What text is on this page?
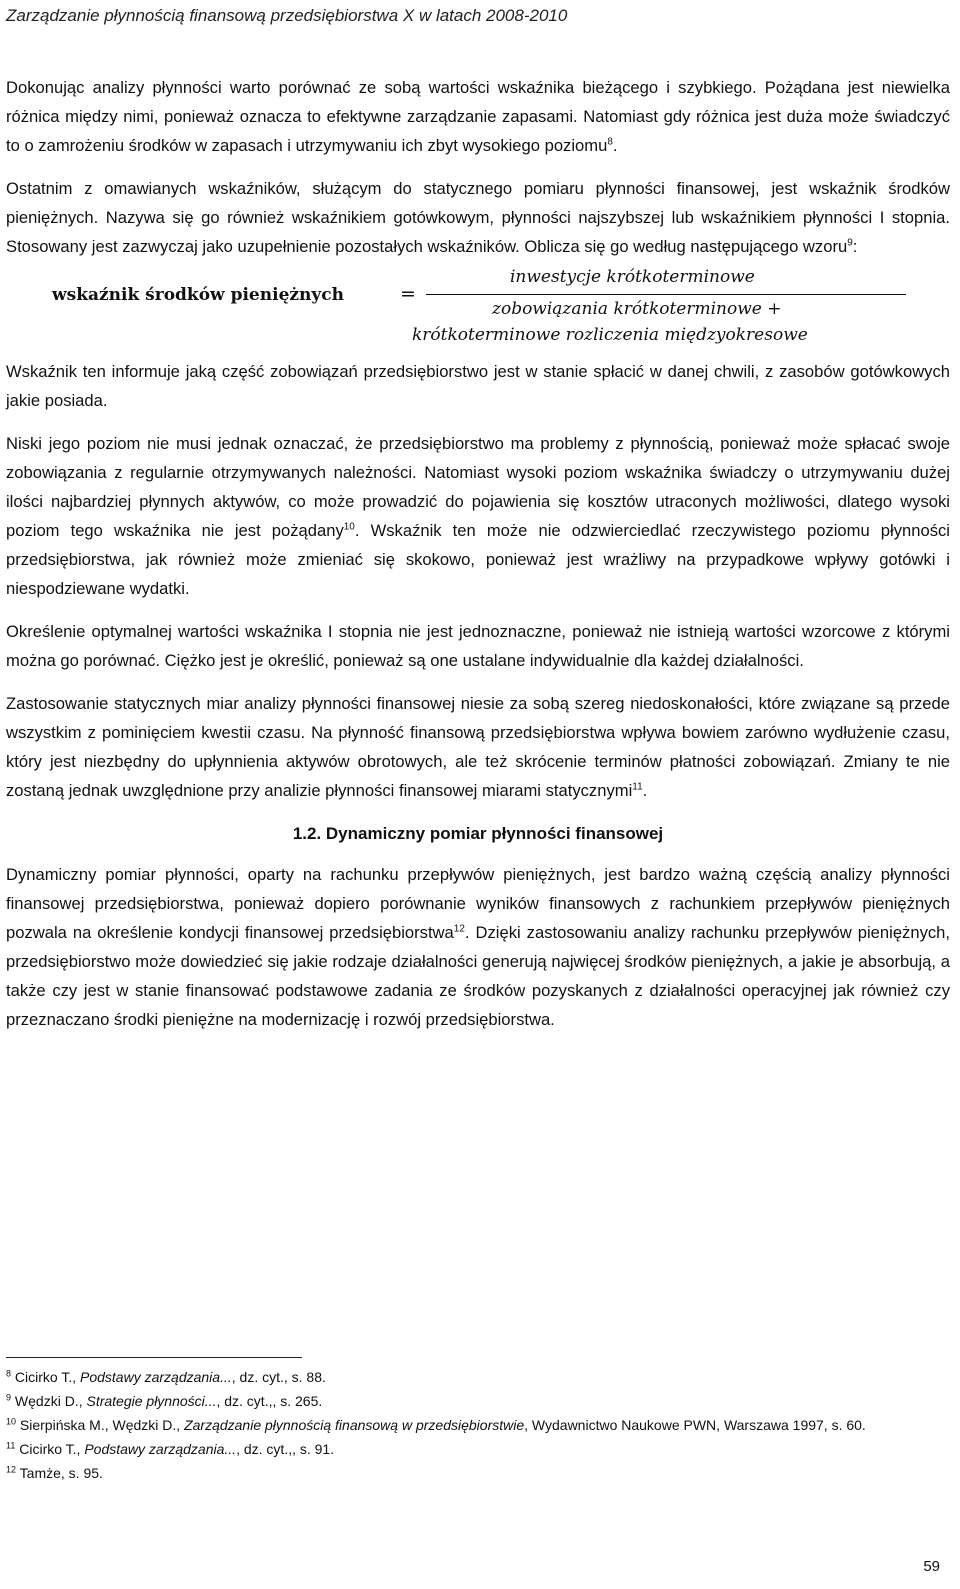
Zarządzanie płynnością finansową przedsiębiorstwa X w latach 2008-2010

Dokonując analizy płynności warto porównać ze sobą wartości wskaźnika bieżącego i szybkiego. Pożądana jest niewielka różnica między nimi, ponieważ oznacza to efektywne zarządzanie zapasami. Natomiast gdy różnica jest duża może świadczyć to o zamrożeniu środków w zapasach i utrzymywaniu ich zbyt wysokiego poziomu$^8$.

Ostatnim z omawianych wskaźników, służącym do statycznego pomiaru płynności finansowej, jest wskaźnik środków pieniężnych. Nazywa się go również wskaźnikiem gotówkowym, płynności najszybszej lub wskaźnikiem płynności I stopnia. Stosowany jest zazwyczaj jako uzupełnienie pozostałych wskaźników. Oblicza się go według następującego wzoru$^9$:

wskaźnik środków pieniężnych	=
inwestycje krótkoterminowe
zobowiązania krótkoterminowe +
krótkoterminowe rozliczenia międzyokresowe

Wskaźnik ten informuje jaką część zobowiązań przedsiębiorstwo jest w stanie spłacić w danej chwili, z zasobów gotówkowych jakie posiada.

Niski jego poziom nie musi jednak oznaczać, że przedsiębiorstwo ma problemy z płynnością, ponieważ może spłacać swoje zobowiązania z regularnie otrzymywanych należności. Natomiast wysoki poziom wskaźnika świadczy o utrzymywaniu dużej ilości najbardziej płynnych aktywów, co może prowadzić do pojawienia się kosztów utraconych możliwości, dlatego wysoki poziom tego wskaźnika nie jest pożądany$^{10}$. Wskaźnik ten może nie odzwierciedlać rzeczywistego poziomu płynności przedsiębiorstwa, jak również może zmieniać się skokowo, ponieważ jest wrażliwy na przypadkowe wpływy gotówki i niespodziewane wydatki.

Określenie optymalnej wartości wskaźnika I stopnia nie jest jednoznaczne, ponieważ nie istnieją wartości wzorcowe z którymi można go porównać. Ciężko jest je określić, ponieważ są one ustalane indywidualnie dla każdej działalności.

Zastosowanie statycznych miar analizy płynności finansowej niesie za sobą szereg niedoskonałości, które związane są przede wszystkim z pominięciem kwestii czasu. Na płynność finansową przedsiębiorstwa wpływa bowiem zarówno wydłużenie czasu, który jest niezbędny do upłynnienia aktywów obrotowych, ale też skrócenie terminów płatności zobowiązań. Zmiany te nie zostaną jednak uwzględnione przy analizie płynności finansowej miarami statycznymi$^{11}$.

1.2. Dynamiczny pomiar płynności finansowej

Dynamiczny pomiar płynności, oparty na rachunku przepływów pieniężnych, jest bardzo ważną częścią analizy płynności finansowej przedsiębiorstwa, ponieważ dopiero porównanie wyników finansowych z rachunkiem przepływów pieniężnych pozwala na określenie kondycji finansowej przedsiębiorstwa$^{12}$. Dzięki zastosowaniu analizy rachunku przepływów pieniężnych, przedsiębiorstwo może dowiedzieć się jakie rodzaje działalności generują najwięcej środków pieniężnych, a jakie je absorbują, a także czy jest w stanie finansować podstawowe zadania ze środków pozyskanych z działalności operacyjnej jak również czy przeznaczano środki pieniężne na modernizację i rozwój przedsiębiorstwa.

$^8$ Cicirko T., Podstawy zarządzania..., dz. cyt., s. 88.
$^9$ Wędzki D., Strategie płynności..., dz. cyt.,, s. 265.
$^{10}$ Sierpińska M., Wędzki D., Zarządzanie płynnością finansową w przedsiębiorstwie, Wydawnictwo Naukowe PWN, Warszawa 1997, s. 60.
$^{11}$ Cicirko T., Podstawy zarządzania..., dz. cyt.,, s. 91.
$^{12}$ Tamże, s. 95.
59
